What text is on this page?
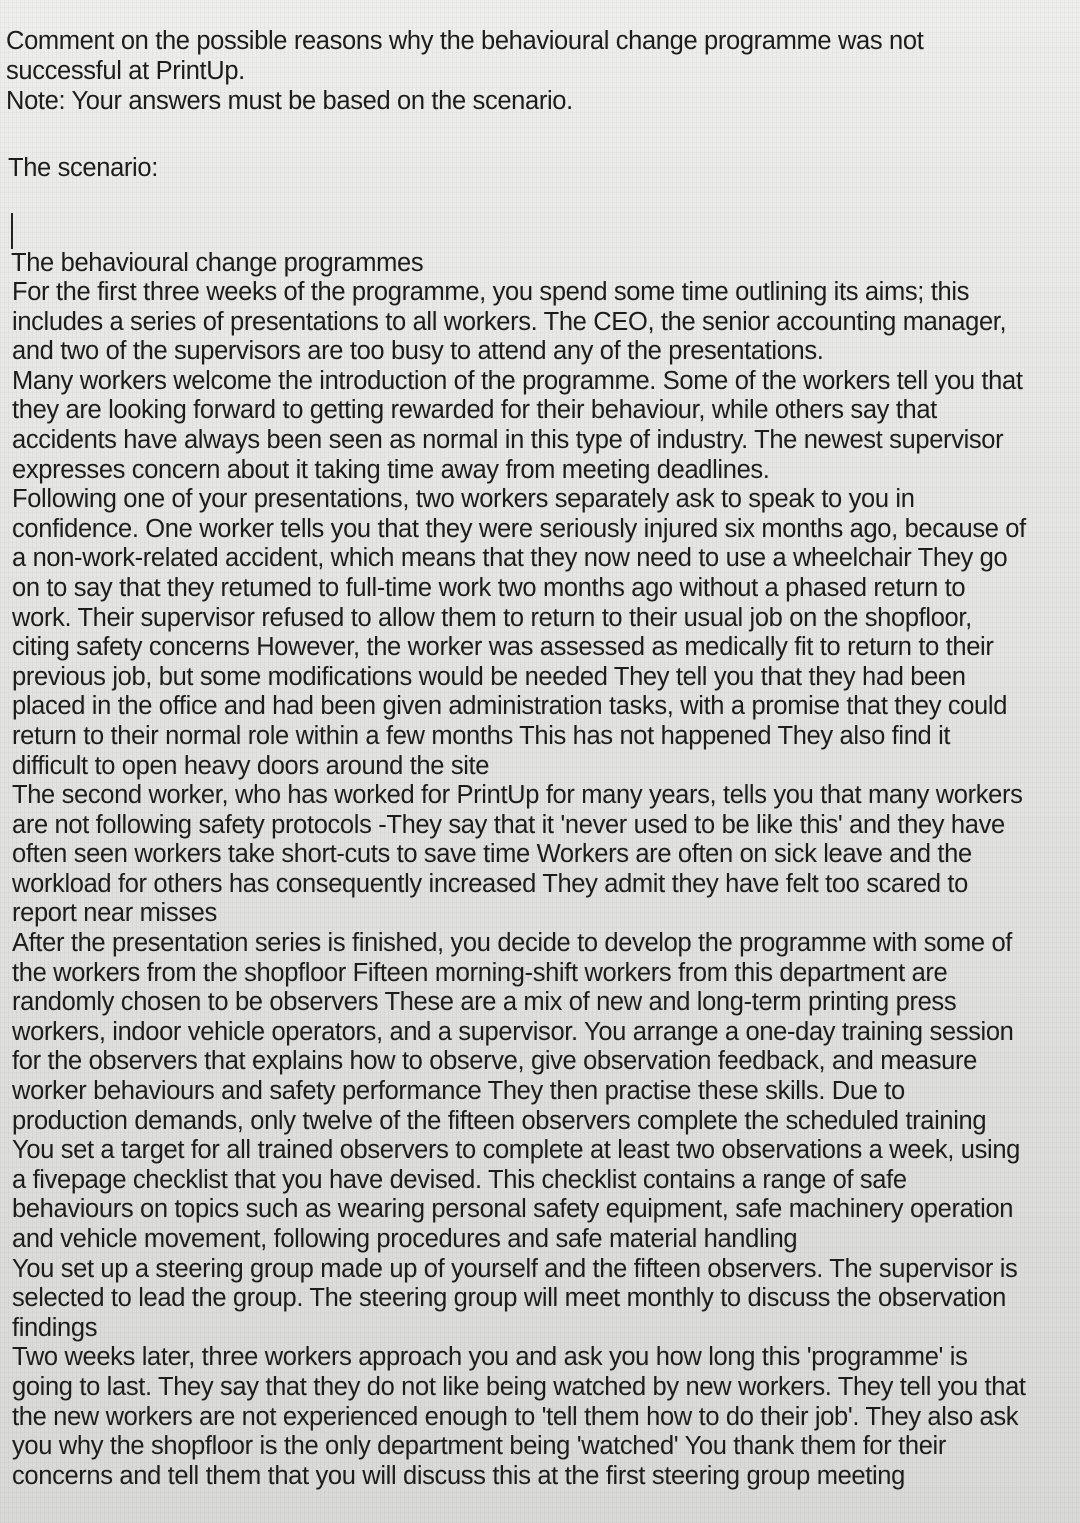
Comment on the possible reasons why the behavioural change programme was not
successful at PrintUp.
Note: Your answers must be based on the scenario.
The scenario:
The behavioural change programmes
For the first three weeks of the programme, you spend some time outlining its aims; this
includes a series of presentations to all workers. The CEO, the senior accounting manager,
and two of the supervisors are too busy to attend any of the presentations.
Many workers welcome the introduction of the programme. Some of the workers tell you that
they are looking forward to getting rewarded for their behaviour, while others say that
accidents have always been seen as normal in this type of industry. The newest supervisor
expresses concern about it taking time away from meeting deadlines.
Following one of your presentations, two workers separately ask to speak to you in
confidence. One worker tells you that they were seriously injured six months ago, because of
a non-work-related accident, which means that they now need to use a wheelchair They go
on to say that they retumed to full-time work two months ago without a phased return to
work. Their supervisor refused to allow them to return to their usual job on the shopfloor,
citing safety concerns However, the worker was assessed as medically fit to return to their
previous job, but some modifications would be needed They tell you that they had been
placed in the office and had been given administration tasks, with a promise that they could
return to their normal role within a few months This has not happened They also find it
difficult to open heavy doors around the site
The second worker, who has worked for PrintUp for many years, tells you that many workers
are not following safety protocols -They say that it 'never used to be like this' and they have
often seen workers take short-cuts to save time Workers are often on sick leave and the
workload for others has consequently increased They admit they have felt too scared to
report near misses
After the presentation series is finished, you decide to develop the programme with some of
the workers from the shopfloor Fifteen morning-shift workers from this department are
randomly chosen to be observers These are a mix of new and long-term printing press
workers, indoor vehicle operators, and a supervisor. You arrange a one-day training session
for the observers that explains how to observe, give observation feedback, and measure
worker behaviours and safety performance They then practise these skills. Due to
production demands, only twelve of the fifteen observers complete the scheduled training
You set a target for all trained observers to complete at least two observations a week, using
a fivepage checklist that you have devised. This checklist contains a range of safe
behaviours on topics such as wearing personal safety equipment, safe machinery operation
and vehicle movement, following procedures and safe material handling
You set up a steering group made up of yourself and the fifteen observers. The supervisor is
selected to lead the group. The steering group will meet monthly to discuss the observation
findings
Two weeks later, three workers approach you and ask you how long this 'programme' is
going to last. They say that they do not like being watched by new workers. They tell you that
the new workers are not experienced enough to 'tell them how to do their job'. They also ask
you why the shopfloor is the only department being 'watched' You thank them for their
concerns and tell them that you will discuss this at the first steering group meeting
